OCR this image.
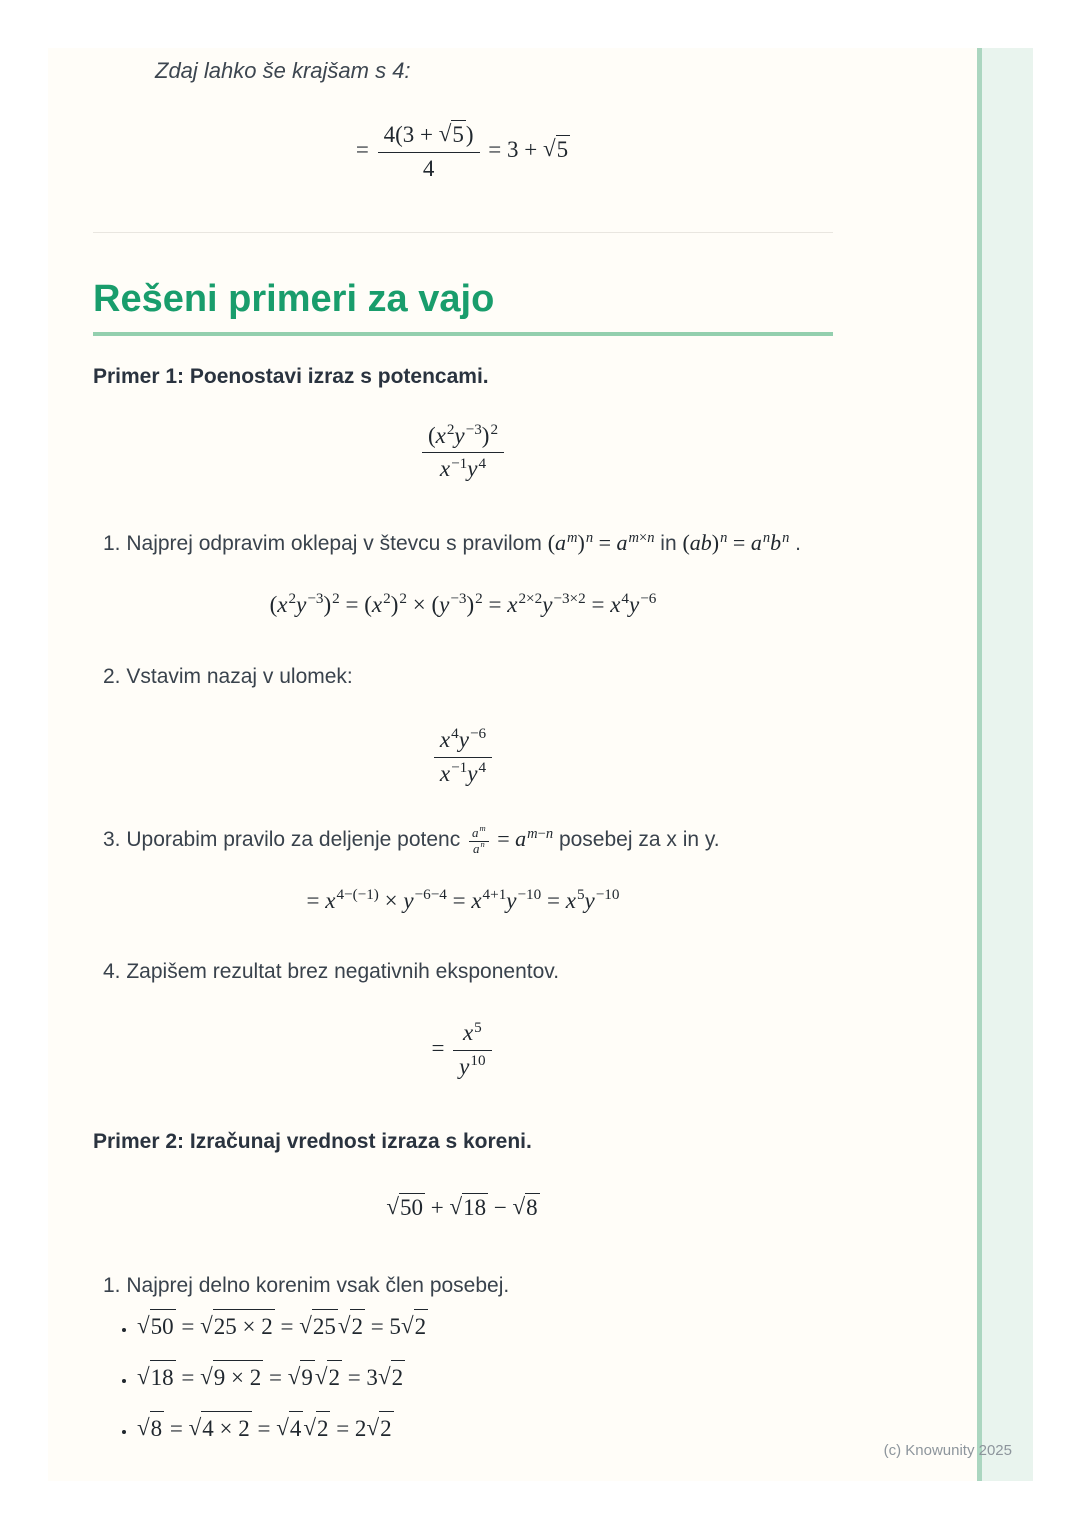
Zdaj lahko še krajšam s 4:

= $\frac{4(3 + √5)}{4} = 3 + √5$
Rešeni primeri za vajo

Primer 1: Poenostavi izraz s potencami.

$\frac{(x^2y^{-3})^2}{x^{-1}y^4}$
1. Najprej odpravim oklepaj v števcu s pravilom $(a^m)^n = a^{m\times n}$ in $(ab)^n = a^nb^n$ .
$(x^2y^{-3})^2 = (x^2)^2 \times (y^{-3})^2 = x^{2\times 2}y^{-3\times 2} = x^4y^{-6}$
2. Vstavim nazaj v ulomek:
$\frac{x^4y^{-6}}{x^{-1}y^4}$
3. Uporabim pravilo za deljenje potenc $\frac{a^m}{a^n} = a^{m-n}$ posebej za x in y.
= $x^{4-(-1)} \times y^{-6-4} = x^{4+1}y^{-10} = x^5y^{-10}$
4. Zapišem rezultat brez negativnih eksponentov.
= $\frac{x^5}{y^{10}}$

Primer 2: Izračunaj vrednost izraza s koreni.

√50 + √18 − √8
1. Najprej delno korenim vsak člen posebej.
• √50 = √25 × 2 = √25√2 = 5√2
• √18 = √9 × 2 = √9√2 = 3√2
• √8 = √4 × 2 = √4√2 = 2√2
(c) Knowunity 2025
